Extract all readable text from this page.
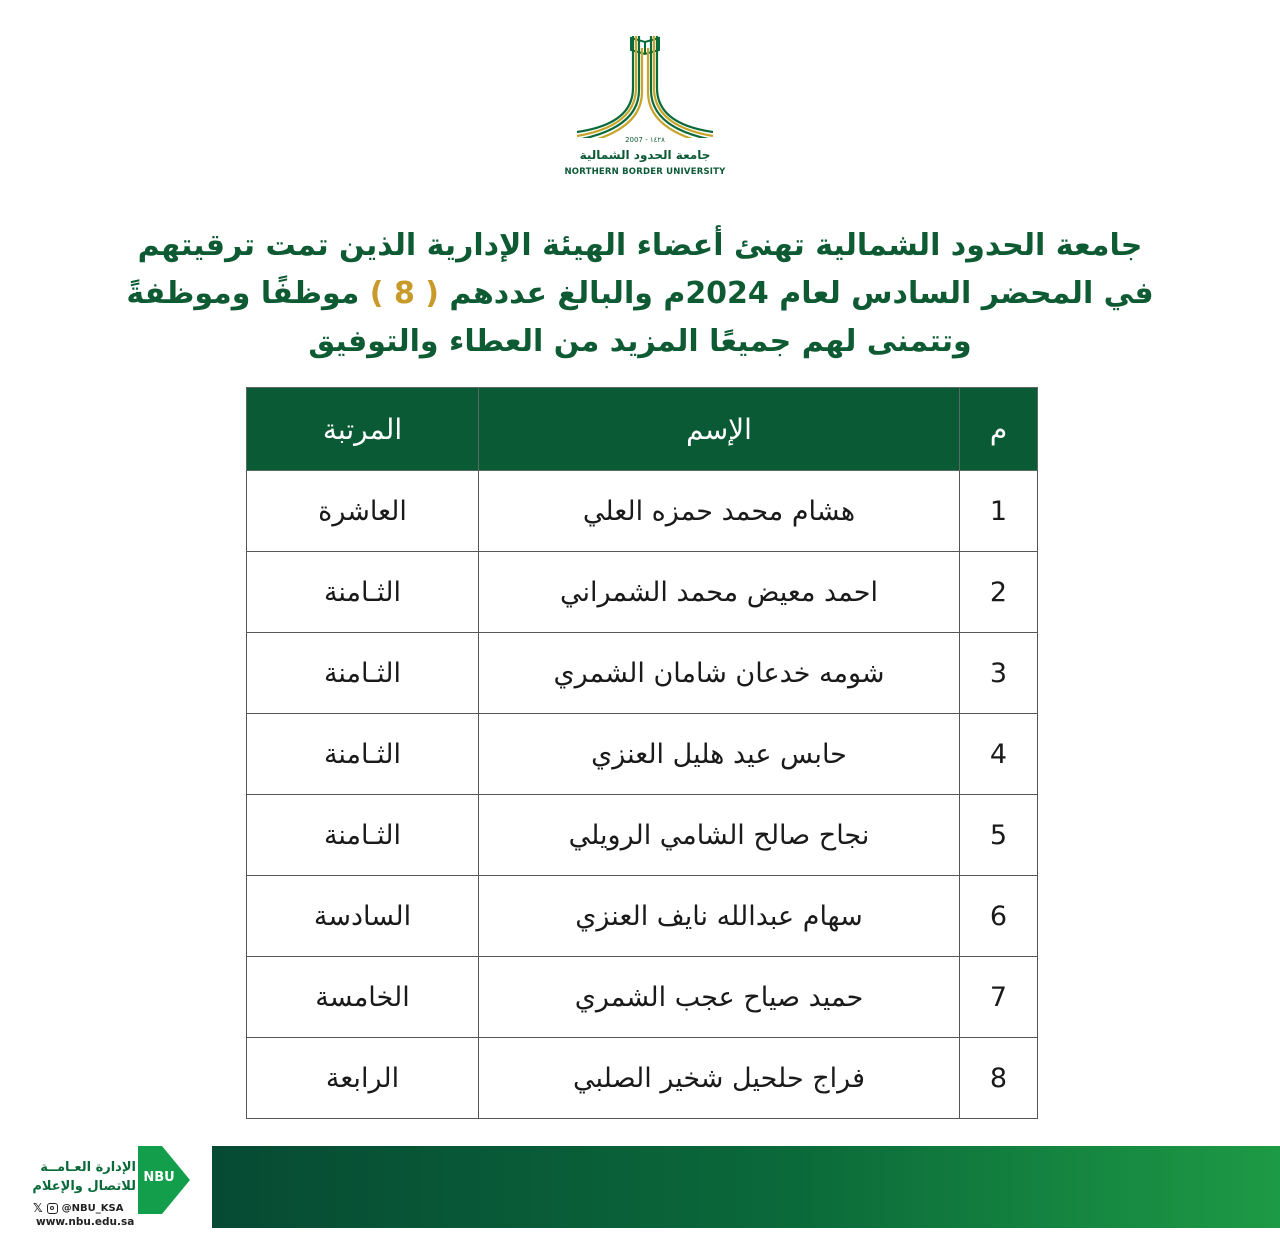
2007 - ١٤٢٨
جامعة الحدود الشمالية
NORTHERN BORDER UNIVERSITY
جامعة الحدود الشمالية تهنئ أعضاء الهيئة الإدارية الذين تمت ترقيتهم
في المحضر السادس لعام 2024م والبالغ عددهم ( 8 ) موظفًا وموظفةً
وتتمنى لهم جميعًا المزيد من العطاء والتوفيق
م	الإسم	المرتبة
1	هشام محمد حمزه العلي	العاشرة
2	احمد معيض محمد الشمراني	الثـامنة
3	شومه خدعان شامان الشمري	الثـامنة
4	حابس عيد هليل العنزي	الثـامنة
5	نجاح صالح الشامي الرويلي	الثـامنة
6	سهام عبدالله نايف العنزي	السادسة
7	حميد صياح عجب الشمري	الخامسة
8	فراج حلحيل شخير الصلبي	الرابعة
NBU
الإدارة العـامــة
للاتصال والإعلام
𝕏 @NBU_KSA
www.nbu.edu.sa
